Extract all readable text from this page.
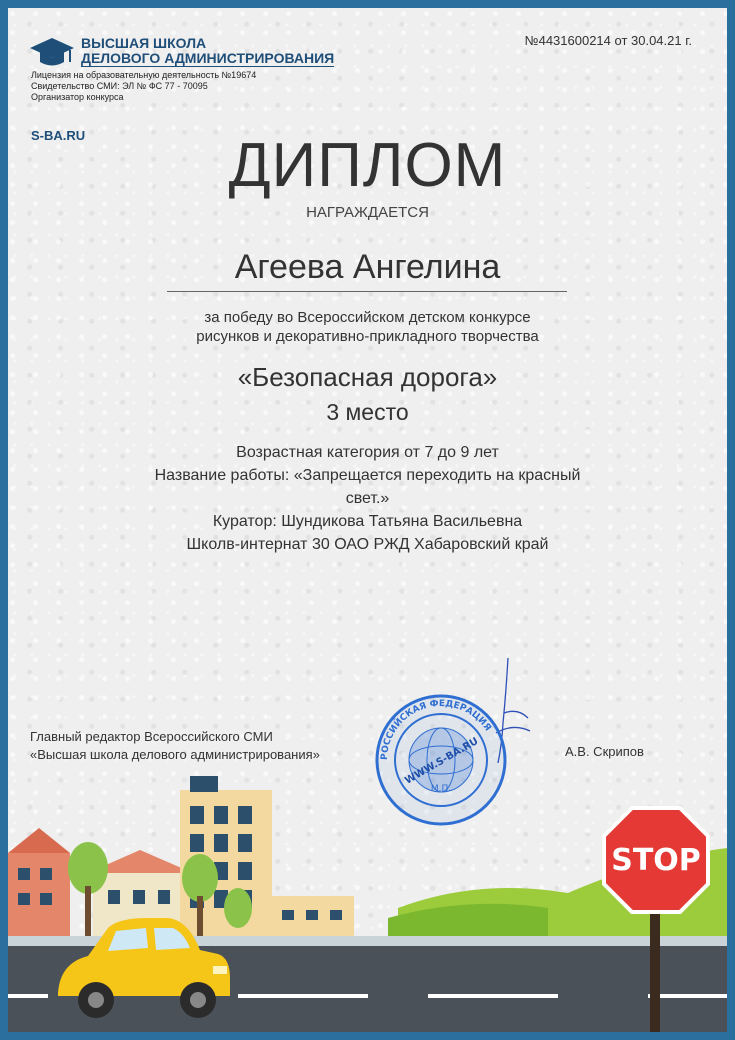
ВЫСШАЯ ШКОЛА
ДЕЛОВОГО АДМИНИСТРИРОВАНИЯ
Лицензия на образовательную деятельность №19674
Свидетельство СМИ: ЭЛ № ФС 77 - 70095
Организатор конкурса
S-BA.RU
№4431600214 от 30.04.21 г.
ДИПЛОМ
НАГРАЖДАЕТСЯ
Агеева Ангелина
за победу во Всероссийском детском конкурсе
рисунков и декоративно-прикладного творчества
«Безопасная дорога»
3 место
Возрастная категория от 7 до 9 лет
Название работы: «Запрещается переходить на красный
свет.»
Куратор: Шундикова Татьяна Васильевна
Школв-интернат 30 ОАО РЖД Хабаровский край
Главный редактор Всероссийского СМИ
«Высшая школа делового администрирования»	А.В. Скрипов
РОССИЙСКАЯ ФЕДЕРАЦИЯ
WWW.S-BA.RU
М.П.
STOP
